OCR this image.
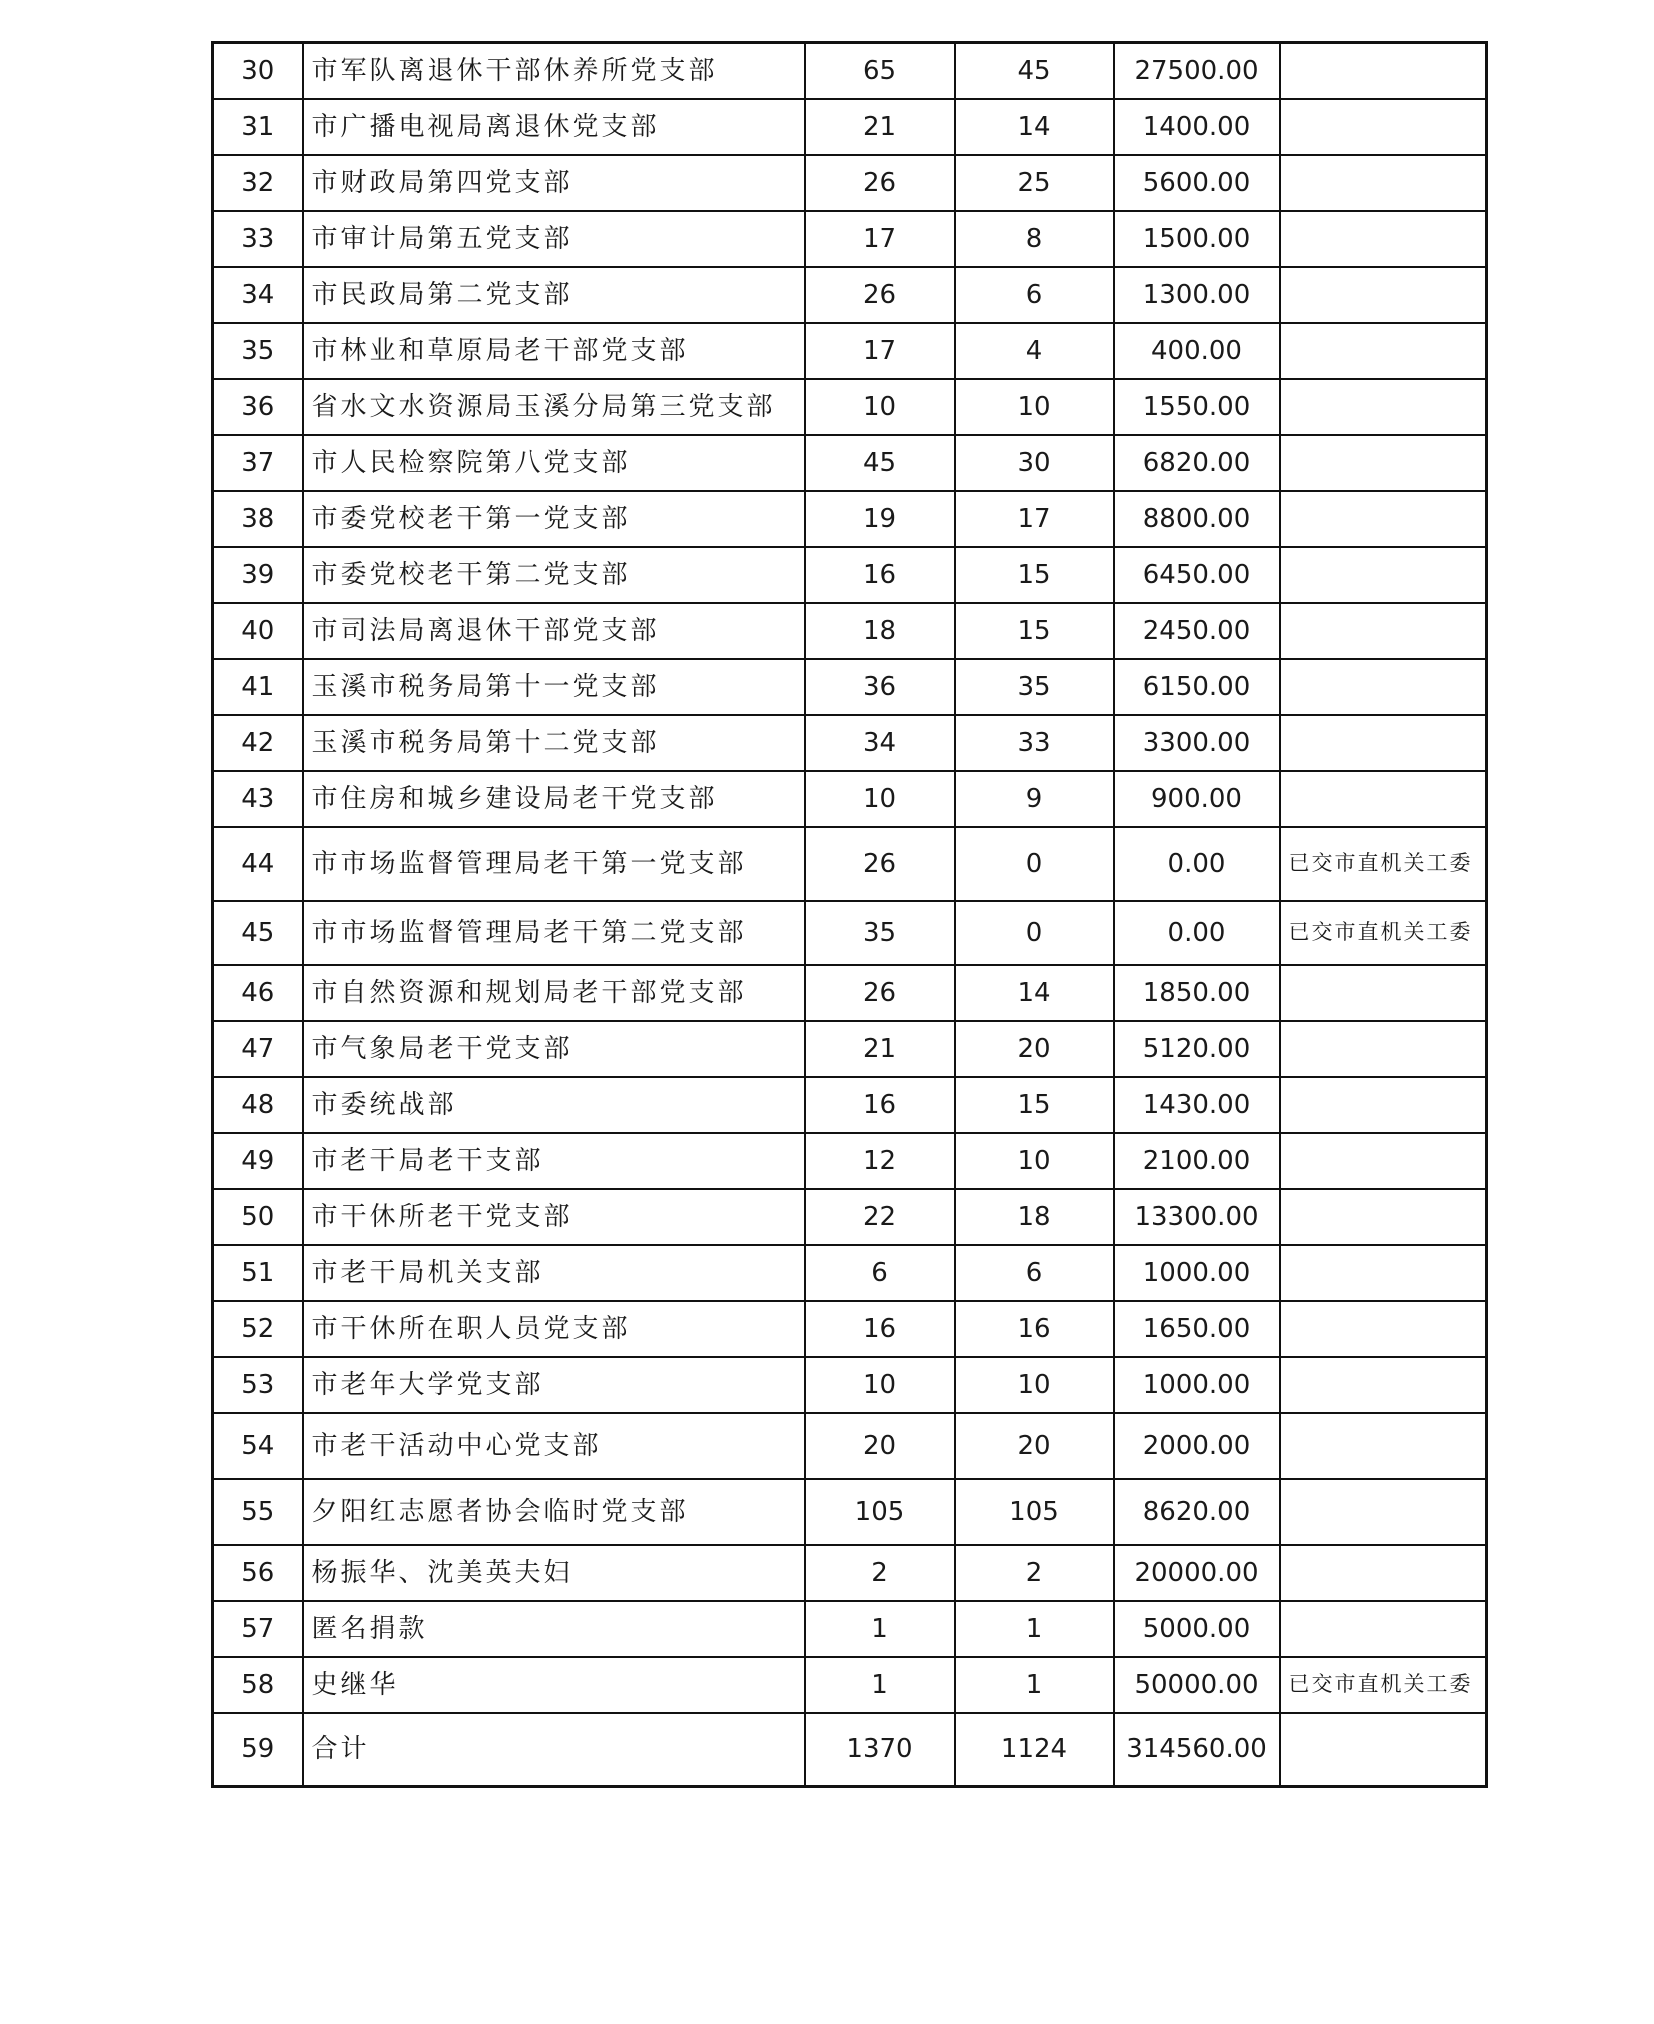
30	市军队离退休干部休养所党支部	65	45	27500.00	
31	市广播电视局离退休党支部	21	14	1400.00	
32	市财政局第四党支部	26	25	5600.00	
33	市审计局第五党支部	17	8	1500.00	
34	市民政局第二党支部	26	6	1300.00	
35	市林业和草原局老干部党支部	17	4	400.00	
36	省水文水资源局玉溪分局第三党支部	10	10	1550.00	
37	市人民检察院第八党支部	45	30	6820.00	
38	市委党校老干第一党支部	19	17	8800.00	
39	市委党校老干第二党支部	16	15	6450.00	
40	市司法局离退休干部党支部	18	15	2450.00	
41	玉溪市税务局第十一党支部	36	35	6150.00	
42	玉溪市税务局第十二党支部	34	33	3300.00	
43	市住房和城乡建设局老干党支部	10	9	900.00	
44	市市场监督管理局老干第一党支部	26	0	0.00	已交市直机关工委
45	市市场监督管理局老干第二党支部	35	0	0.00	已交市直机关工委
46	市自然资源和规划局老干部党支部	26	14	1850.00	
47	市气象局老干党支部	21	20	5120.00	
48	市委统战部	16	15	1430.00	
49	市老干局老干支部	12	10	2100.00	
50	市干休所老干党支部	22	18	13300.00	
51	市老干局机关支部	6	6	1000.00	
52	市干休所在职人员党支部	16	16	1650.00	
53	市老年大学党支部	10	10	1000.00	
54	市老干活动中心党支部	20	20	2000.00	
55	夕阳红志愿者协会临时党支部	105	105	8620.00	
56	杨振华、沈美英夫妇	2	2	20000.00	
57	匿名捐款	1	1	5000.00	
58	史继华	1	1	50000.00	已交市直机关工委
59	合计	1370	1124	314560.00	
